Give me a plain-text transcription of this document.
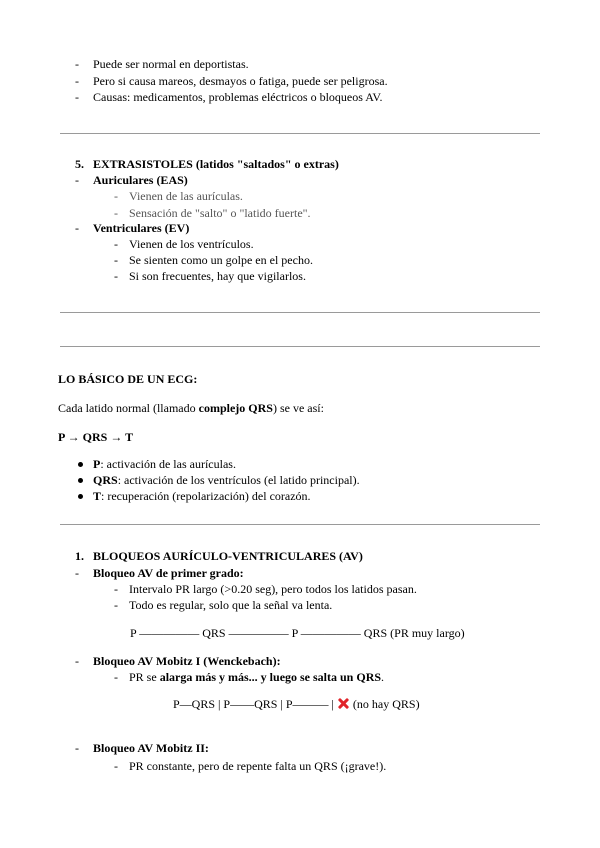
- Puede ser normal en deportistas.
- Pero si causa mareos, desmayos o fatiga, puede ser peligrosa.
- Causas: medicamentos, problemas eléctricos o bloqueos AV.
5. EXTRASISTOLES (latidos "saltados" o extras)
- Auriculares (EAS)
- Vienen de las aurículas.
- Sensación de "salto" o "latido fuerte".
- Ventriculares (EV)
- Vienen de los ventrículos.
- Se sienten como un golpe en el pecho.
- Si son frecuentes, hay que vigilarlos.
LO BÁSICO DE UN ECG:
Cada latido normal (llamado complejo QRS) se ve así:
P → QRS → T
P: activación de las aurículas.
QRS: activación de los ventrículos (el latido principal).
T: recuperación (repolarización) del corazón.
1. BLOQUEOS AURÍCULO-VENTRICULARES (AV)
- Bloqueo AV de primer grado:
- Intervalo PR largo (>0.20 seg), pero todos los latidos pasan.
- Todo es regular, solo que la señal va lenta.
P ————— QRS ————— P ————— QRS (PR muy largo)
- Bloqueo AV Mobitz I (Wenckebach):
- PR se alarga más y más... y luego se salta un QRS.
P—QRS | P——QRS | P——— | (no hay QRS)
- Bloqueo AV Mobitz II:
- PR constante, pero de repente falta un QRS (¡grave!).
